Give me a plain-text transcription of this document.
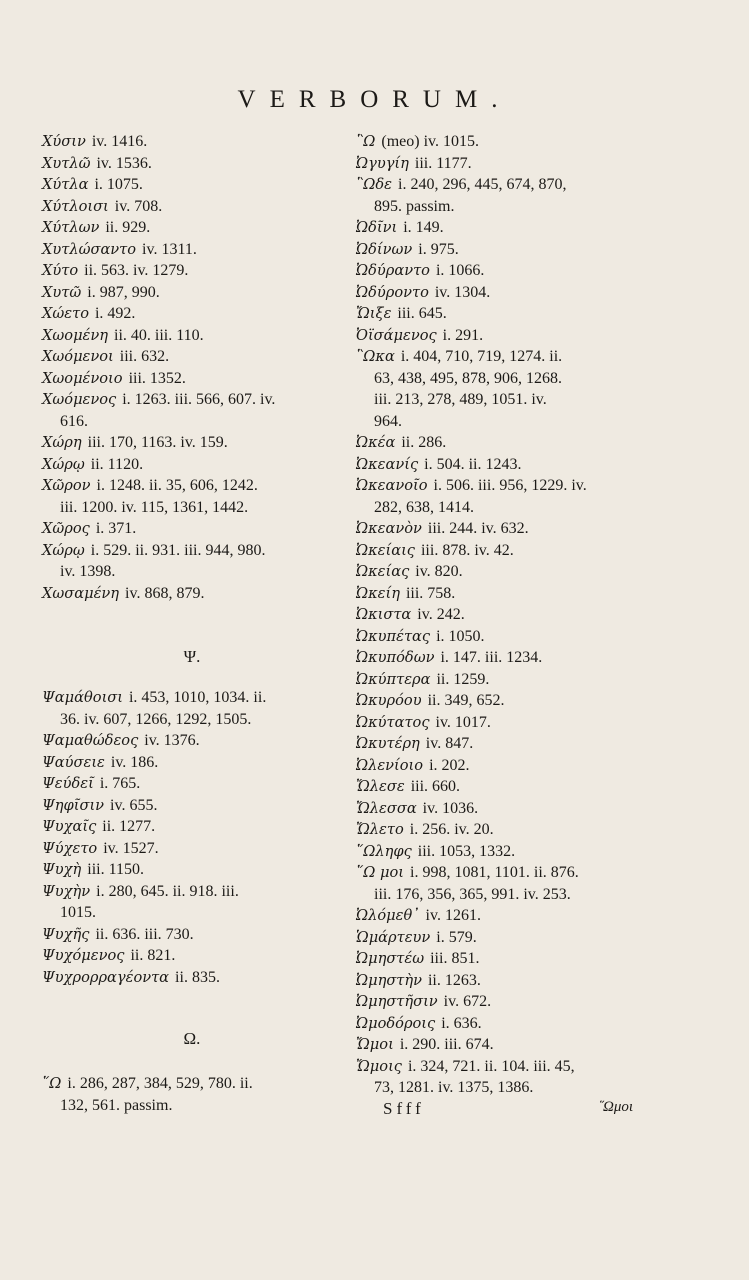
VERBORUM.
Χύσιν iv. 1416.
Χυτλῶ iv. 1536.
Χύτλα i. 1075.
Χύτλοισι iv. 708.
Χύτλων ii. 929.
Χυτλώσαντο iv. 1311.
Χύτο ii. 563. iv. 1279.
Χυτῶ i. 987, 990.
Χώετο i. 492.
Χωομένη ii. 40. iii. 110.
Χωόμενοι iii. 632.
Χωομένοιο iii. 1352.
Χωόμενος i. 1263. iii. 566, 607. iv.
616.
Χώρη iii. 170, 1163. iv. 159.
Χώρῳ ii. 1120.
Χῶρον i. 1248. ii. 35, 606, 1242.
iii. 1200. iv. 115, 1361, 1442.
Χῶρος i. 371.
Χώρῳ i. 529. ii. 931. iii. 944, 980.
iv. 1398.
Χωσαμένη iv. 868, 879.
Ψ.
Ψαμάθοισι i. 453, 1010, 1034. ii.
36. iv. 607, 1266, 1292, 1505.
Ψαμαθώδεος iv. 1376.
Ψαύσειε iv. 186.
Ψεύδεῖ i. 765.
Ψηφῖσιν iv. 655.
Ψυχαῖς ii. 1277.
Ψύχετο iv. 1527.
Ψυχὴ iii. 1150.
Ψυχὴν i. 280, 645. ii. 918. iii.
1015.
Ψυχῆς ii. 636. iii. 730.
Ψυχόμενος ii. 821.
Ψυχρορραγέοντα ii. 835.
Ω.
῞Ω i. 286, 287, 384, 529, 780. ii.
132, 561. passim.
῝Ω (meo) iv. 1015.
Ὠγυγίη iii. 1177.
῝Ωδε i. 240, 296, 445, 674, 870,
895. passim.
Ὠδῖνι i. 149.
Ὠδίνων i. 975.
Ὠδύραντο i. 1066.
Ὠδύροντο iv. 1304.
Ὤιξε iii. 645.
Ὀϊσάμενος i. 291.
῝Ωκα i. 404, 710, 719, 1274. ii.
63, 438, 495, 878, 906, 1268.
iii. 213, 278, 489, 1051. iv.
964.
Ὠκέα ii. 286.
Ὠκεανίς i. 504. ii. 1243.
Ὠκεανοῖο i. 506. iii. 956, 1229. iv.
282, 638, 1414.
Ὠκεανὸν iii. 244. iv. 632.
Ὠκείαις iii. 878. iv. 42.
Ὠκείας iv. 820.
Ὠκείη iii. 758.
Ὠκιστα iv. 242.
Ὠκυπέτας i. 1050.
Ὠκυπόδων i. 147. iii. 1234.
Ὠκύπτερα ii. 1259.
Ὠκυρόου ii. 349, 652.
Ὠκύτατος iv. 1017.
Ὠκυτέρη iv. 847.
Ὠλενίοιο i. 202.
Ὤλεσε iii. 660.
Ὤλεσσα iv. 1036.
Ὤλετο i. 256. iv. 20.
῞Ωληφς iii. 1053, 1332.
῞Ω μοι i. 998, 1081, 1101. ii. 876.
iii. 176, 356, 365, 991. iv. 253.
Ὠλόμεθ᾽ iv. 1261.
Ὡμάρτευν i. 579.
Ὠμηστέω iii. 851.
Ὠμηστὴν ii. 1263.
Ὠμηστῆσιν iv. 672.
Ὠμοδόροις i. 636.
Ὤμοι i. 290. iii. 674.
Ὤμοις i. 324, 721. ii. 104. iii. 45,
73, 1281. iv. 1375, 1386.
Sfff	῞Ωμοι
